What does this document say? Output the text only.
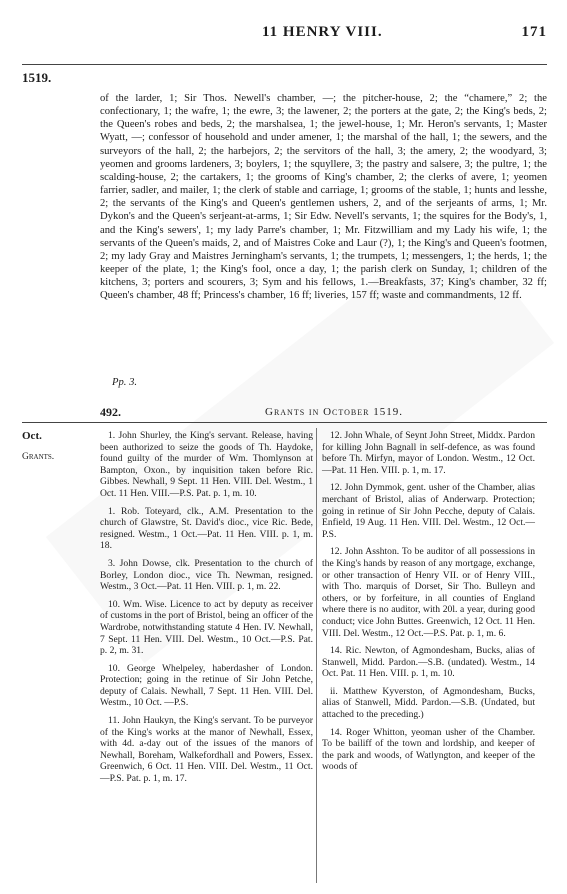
11 HENRY VIII.	171
1519.
of the larder, 1; Sir Thos. Newell's chamber, —; the pitcher-house, 2; the “chamere,” 2; the confectionary, 1; the wafre, 1; the ewre, 3; the lawener, 2; the porters at the gate, 2; the King's beds, 2; the Queen's robes and beds, 2; the marshalsea, 1; the jewel-house, 1; Mr. Heron's servants, 1; Master Wyatt, —; confessor of household and under amener, 1; the marshal of the hall, 1; the sewers, and the surveyors of the hall, 2; the harbejors, 2; the servitors of the hall, 3; the amery, 2; the woodyard, 3; yeomen and grooms lardeners, 3; boylers, 1; the squyllere, 3; the pastry and salsere, 3; the pultre, 1; the scalding-house, 2; the cartakers, 1; the grooms of King's chamber, 2; the clerks of avere, 1; yeomen farrier, sadler, and mailer, 1; the clerk of stable and carriage, 1; grooms of the stable, 1; hunts and lesshe, 2; the servants of the King's and Queen's gentlemen ushers, 2, and of the serjeants of arms, 1; Mr. Dykon's and the Queen's serjeant-at-arms, 1; Sir Edw. Nevell's servants, 1; the squires for the Body's, 1, and the King's sewers', 1; my lady Parre's chamber, 1; Mr. Fitzwilliam and my Lady his wife, 1; the servants of the Queen's maids, 2, and of Maistres Coke and Laur (?), 1; the King's and Queen's footmen, 2; my lady Gray and Maistres Jerningham's servants, 1; the trumpets, 1; messengers, 1; the herds, 1; the keeper of the plate, 1; the King's fool, once a day, 1; the parish clerk on Sunday, 1; children of the kitchens, 3; porters and scourers, 3; Sym and his fellows, 1.—Breakfasts, 37; King's chamber, 32 ff; Queen's chamber, 48 ff; Princess's chamber, 16 ff; liveries, 157 ff; waste and commandments, 12 ff.
Pp. 3.
492.	Grants in October 1519.
Oct.
Grants.

1. John Shurley, the King's servant. Release, having been authorized to seize the goods of Th. Haydoke, found guilty of the murder of Wm. Thomlynson at Bampton, Oxon., by inquisition taken before Ric. Gibbes. Newhall, 9 Sept. 11 Hen. VIII. Del. Westm., 1 Oct. 11 Hen. VIII.—P.S. Pat. p. 1, m. 10.

1. Rob. Toteyard, clk., A.M. Presentation to the church of Glawstre, St. David's dioc., vice Ric. Bede, resigned. Westm., 1 Oct.—Pat. 11 Hen. VIII. p. 1, m. 18.

3. John Dowse, clk. Presentation to the church of Borley, London dioc., vice Th. Newman, resigned. Westm., 3 Oct.—Pat. 11 Hen. VIII. p. 1, m. 22.

10. Wm. Wise. Licence to act by deputy as receiver of customs in the port of Bristol, being an officer of the Wardrobe, notwithstanding statute 4 Hen. IV. Newhall, 7 Sept. 11 Hen. VIII. Del. Westm., 10 Oct.—P.S. Pat. p. 2, m. 31.

10. George Whelpeley, haberdasher of London. Protection; going in the retinue of Sir John Petche, deputy of Calais. Newhall, 7 Sept. 11 Hen. VIII. Del. Westm., 10 Oct. —P.S.

11. John Haukyn, the King's servant. To be purveyor of the King's works at the manor of Newhall, Essex, with 4d. a-day out of the issues of the manors of Newhall, Boreham, Walkefordhall and Powers, Essex. Greenwich, 6 Oct. 11 Hen. VIII. Del. Westm., 11 Oct.—P.S. Pat. p. 1, m. 17.

12. John Whale, of Seynt John Street, Middx. Pardon for killing John Bagnall in self-defence, as was found before Th. Mirfyn, mayor of London. Westm., 12 Oct. —Pat. 11 Hen. VIII. p. 1, m. 17.

12. John Dymmok, gent. usher of the Chamber, alias merchant of Bristol, alias of Anderwarp. Protection; going in retinue of Sir John Pecche, deputy of Calais. Enfield, 19 Aug. 11 Hen. VIII. Del. Westm., 12 Oct.—P.S.

12. John Asshton. To be auditor of all possessions in the King's hands by reason of any mortgage, exchange, or other transaction of Henry VII. or of Henry VIII., with Tho. marquis of Dorset, Sir Tho. Bulleyn and others, or by forfeiture, in all counties of England where there is no auditor, with 20l. a year, during good conduct; vice John Buttes. Greenwich, 12 Oct. 11 Hen. VIII. Del. Westm., 12 Oct.—P.S. Pat. p. 1, m. 6.

14. Ric. Newton, of Agmondesham, Bucks, alias of Stanwell, Midd. Pardon.—S.B. (undated). Westm., 14 Oct. Pat. 11 Hen. VIII. p. 1, m. 10.

ii. Matthew Kyverston, of Agmondesham, Bucks, alias of Stanwell, Midd. Pardon.—S.B. (Undated, but attached to the preceding.)

14. Roger Whitton, yeoman usher of the Chamber. To be bailiff of the town and lordship, and keeper of the park and woods, of Watlyngton, and keeper of the woods of
